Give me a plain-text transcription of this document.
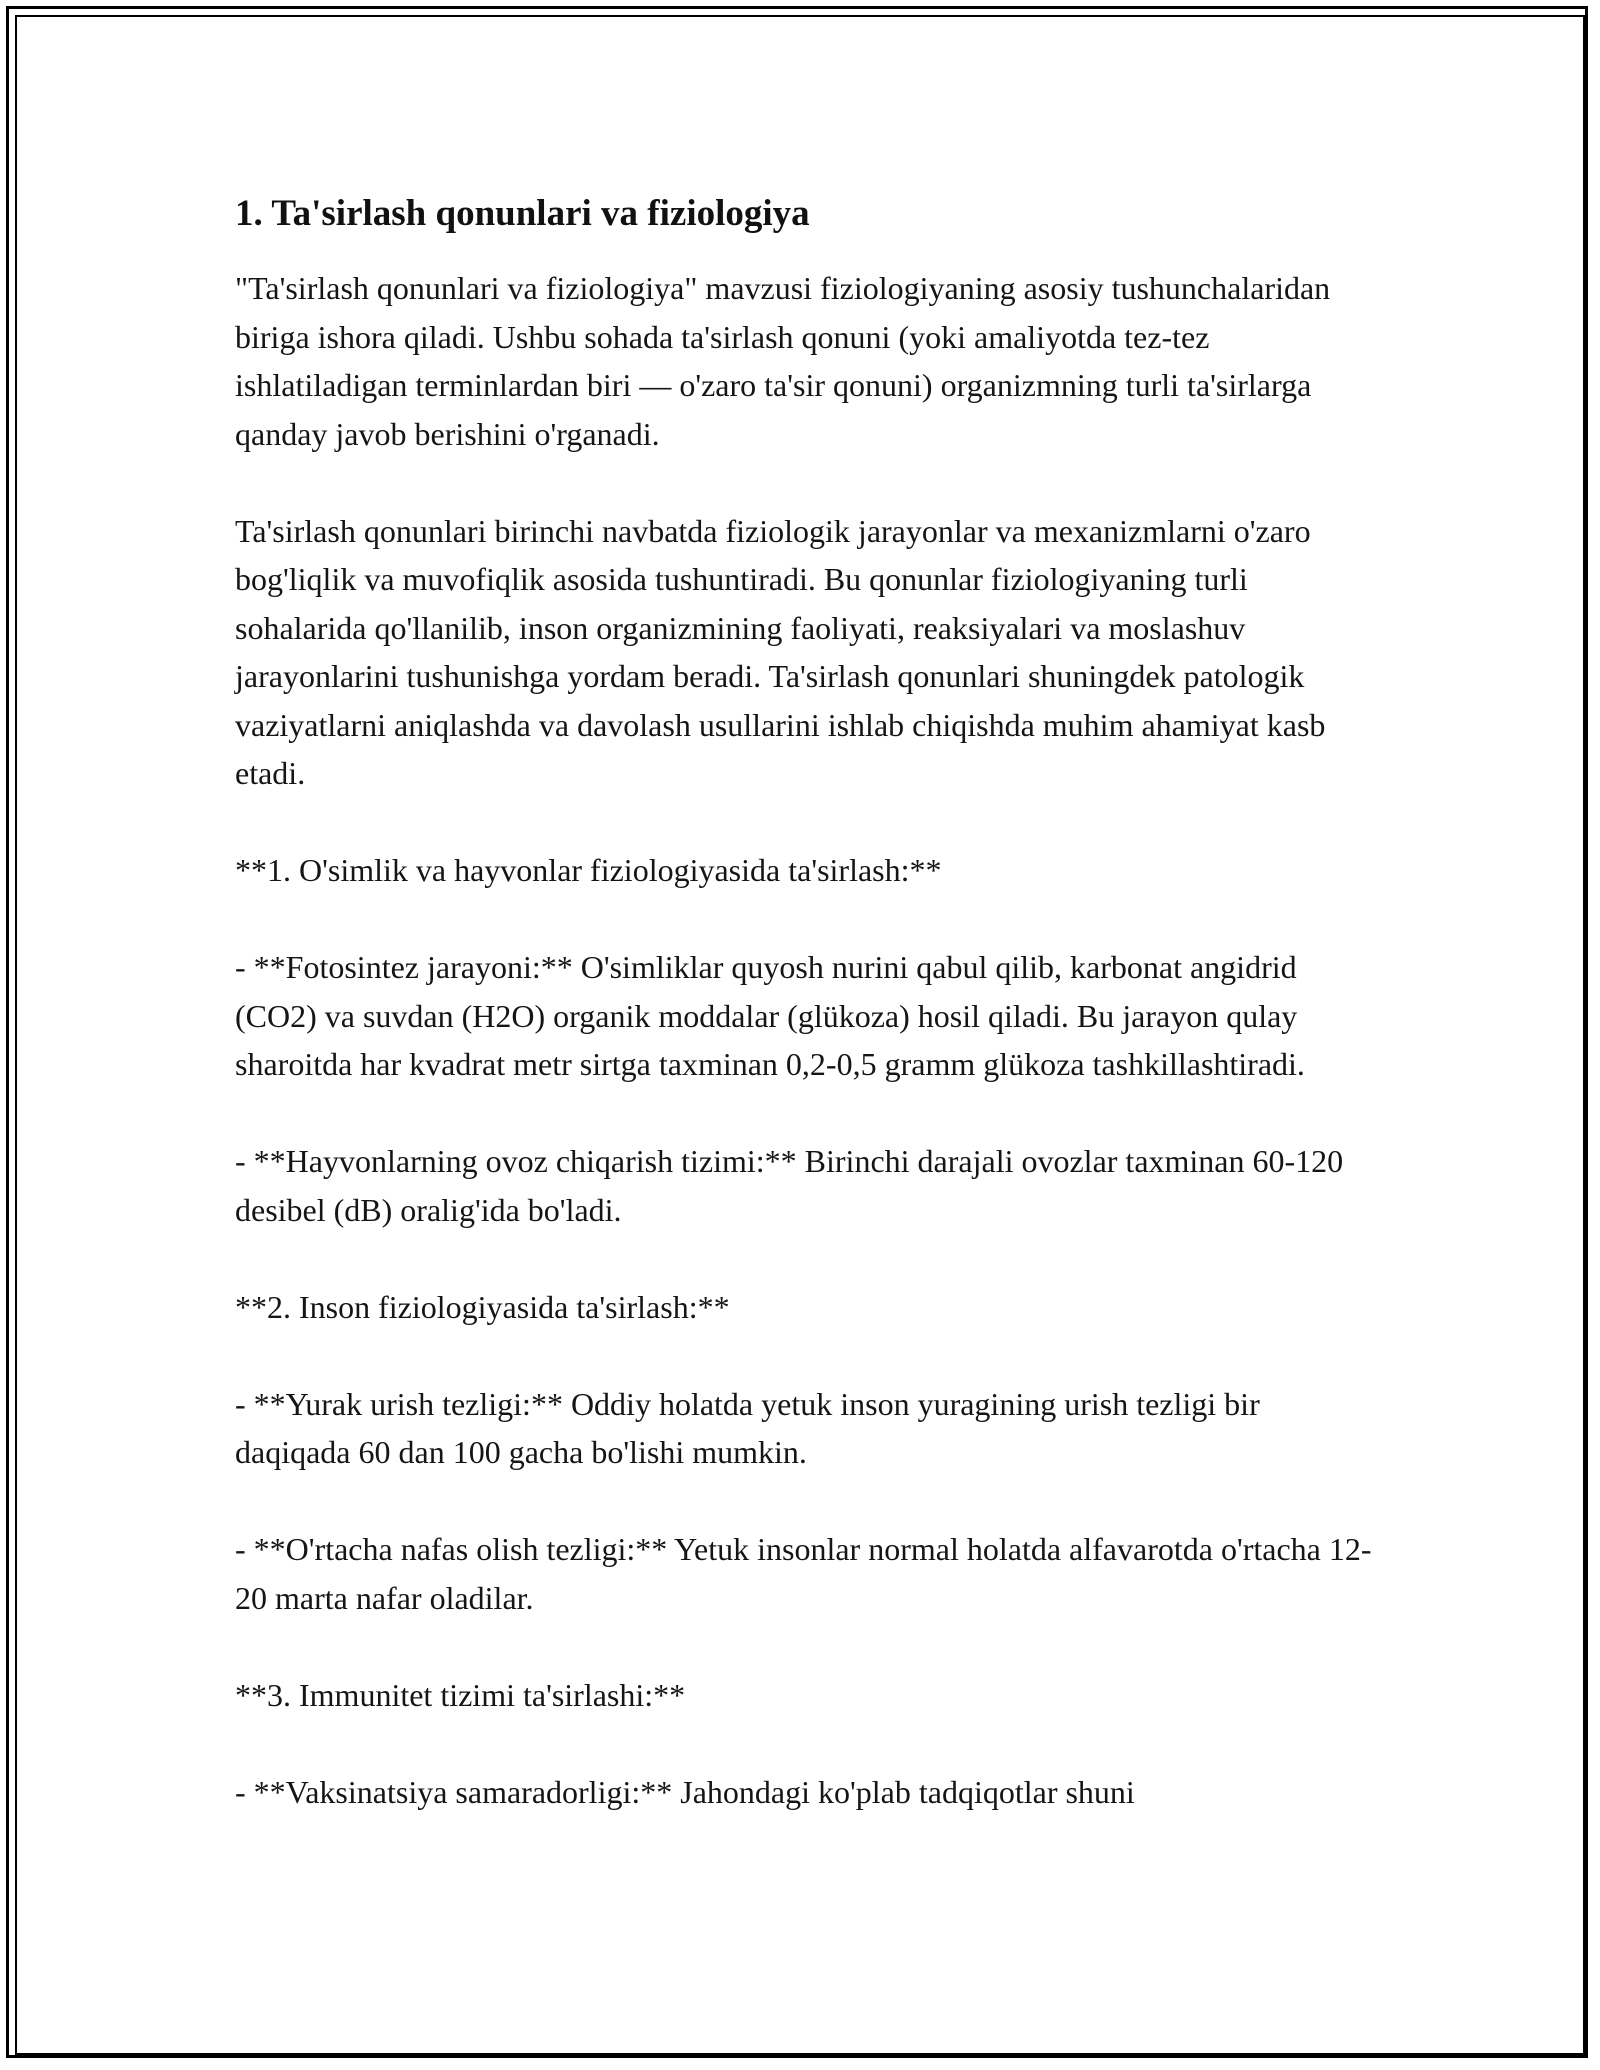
1. Ta'sirlash qonunlari va fiziologiya

"Ta'sirlash qonunlari va fiziologiya" mavzusi fiziologiyaning asosiy tushunchalaridan biriga ishora qiladi. Ushbu sohada ta'sirlash qonuni (yoki amaliyotda tez-tez ishlatiladigan terminlardan biri — o'zaro ta'sir qonuni) organizmning turli ta'sirlarga qanday javob berishini o'rganadi.

Ta'sirlash qonunlari birinchi navbatda fiziologik jarayonlar va mexanizmlarni o'zaro bog'liqlik va muvofiqlik asosida tushuntiradi. Bu qonunlar fiziologiyaning turli sohalarida qo'llanilib, inson organizmining faoliyati, reaksiyalari va moslashuv jarayonlarini tushunishga yordam beradi. Ta'sirlash qonunlari shuningdek patologik vaziyatlarni aniqlashda va davolash usullarini ishlab chiqishda muhim ahamiyat kasb etadi.

**1. O'simlik va hayvonlar fiziologiyasida ta'sirlash:**

- **Fotosintez jarayoni:** O'simliklar quyosh nurini qabul qilib, karbonat angidrid (CO2) va suvdan (H2O) organik moddalar (glükoza) hosil qiladi. Bu jarayon qulay sharoitda har kvadrat metr sirtga taxminan 0,2-0,5 gramm glükoza tashkillashtiradi.

- **Hayvonlarning ovoz chiqarish tizimi:** Birinchi darajali ovozlar taxminan 60-120 desibel (dB) oralig'ida bo'ladi.

**2. Inson fiziologiyasida ta'sirlash:**

- **Yurak urish tezligi:** Oddiy holatda yetuk inson yuragining urish tezligi bir daqiqada 60 dan 100 gacha bo'lishi mumkin.

- **O'rtacha nafas olish tezligi:** Yetuk insonlar normal holatda alfavarotda o'rtacha 12-20 marta nafar oladilar.

**3. Immunitet tizimi ta'sirlashi:**

- **Vaksinatsiya samaradorligi:** Jahondagi ko'plab tadqiqotlar shuni
